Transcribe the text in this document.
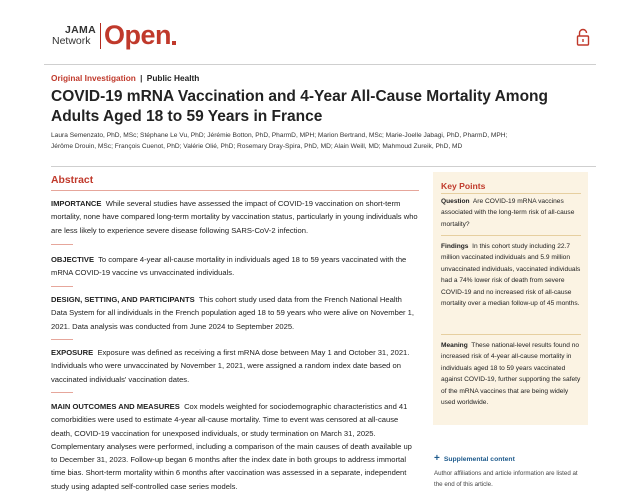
JAMA
Network Open
Original Investigation | Public Health
COVID-19 mRNA Vaccination and 4-Year All-Cause Mortality Among Adults Aged 18 to 59 Years in France
Laura Semenzato, PhD, MSc; Stéphane Le Vu, PhD; Jérémie Botton, PhD, PharmD, MPH; Marion Bertrand, MSc; Marie-Joelle Jabagi, PhD, PharmD, MPH;
Jérôme Drouin, MSc; François Cuenot, PhD; Valérie Olié, PhD; Rosemary Dray-Spira, PhD, MD; Alain Weill, MD; Mahmoud Zureik, PhD, MD
Abstract

IMPORTANCE While several studies have assessed the impact of COVID-19 vaccination on short-term mortality, none have compared long-term mortality by vaccination status, particularly in young individuals who are less likely to experience severe disease following SARS-CoV-2 infection.

OBJECTIVE To compare 4-year all-cause mortality in individuals aged 18 to 59 years vaccinated with the mRNA COVID-19 vaccine vs unvaccinated individuals.

DESIGN, SETTING, AND PARTICIPANTS This cohort study used data from the French National Health Data System for all individuals in the French population aged 18 to 59 years who were alive on November 1, 2021. Data analysis was conducted from June 2024 to September 2025.

EXPOSURE Exposure was defined as receiving a first mRNA dose between May 1 and October 31, 2021. Individuals who were unvaccinated by November 1, 2021, were assigned a random index date based on vaccinated individuals' vaccination dates.

MAIN OUTCOMES AND MEASURES Cox models weighted for sociodemographic characteristics and 41 comorbidities were used to estimate 4-year all-cause mortality. Time to event was censored at all-cause death, COVID-19 vaccination for unexposed individuals, or study termination on March 31, 2025. Complementary analyses were performed, including a comparison of the main causes of death available up to December 31, 2023. Follow-up began 6 months after the index date in both groups to address immortal time bias. Short-term mortality within 6 months after vaccination was assessed in a separate, independent study using adapted self-controlled case series models.

Key Points

Question Are COVID-19 mRNA vaccines associated with the long-term risk of all-cause mortality?

Findings In this cohort study including 22.7 million vaccinated individuals and 5.9 million unvaccinated individuals, vaccinated individuals had a 74% lower risk of death from severe COVID-19 and no increased risk of all-cause mortality over a median follow-up of 45 months.

Meaning These national-level results found no increased risk of 4-year all-cause mortality in individuals aged 18 to 59 years vaccinated against COVID-19, further supporting the safety of the mRNA vaccines that are being widely used worldwide.

+ Supplemental content

Author affiliations and article information are listed at the end of this article.
